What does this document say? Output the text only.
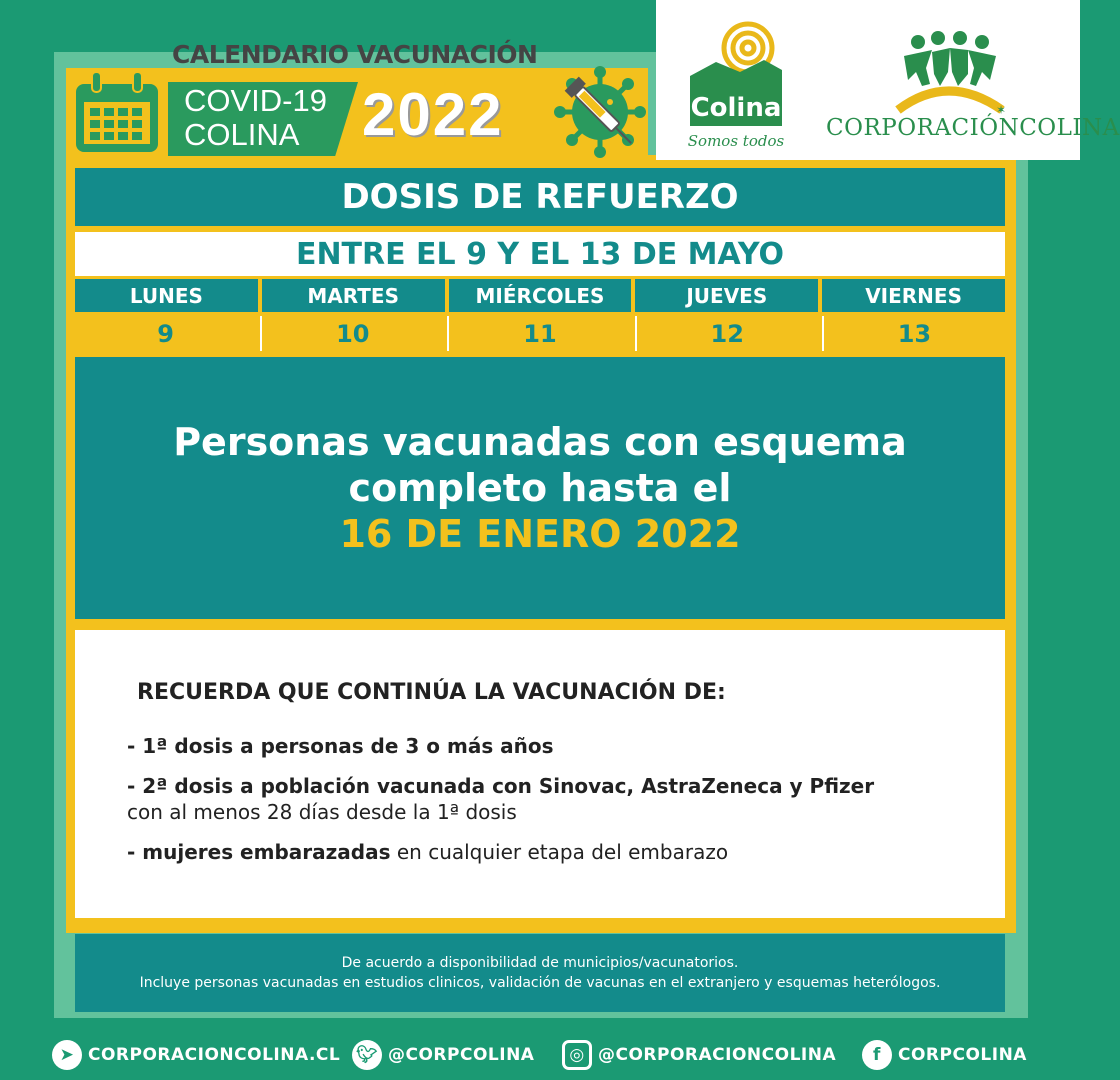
CALENDARIO VACUNACIÓN
COVID-19
COLINA	2022	Colina
Somos todos
✶
CORPORACIÓNCOLINA
DOSIS DE REFUERZO
ENTRE EL 9 Y EL 13 DE MAYO
LUNES	MARTES	MIÉRCOLES	JUEVES	VIERNES
9	10	11	12	13
Personas vacunadas con esquema
completo hasta el
16 DE ENERO 2022
RECUERDA QUE CONTINÚA LA VACUNACIÓN DE:
- 1ª dosis a personas de 3 o más años
- 2ª dosis a población vacunada con Sinovac, AstraZeneca y Pfizer
con al menos 28 días desde la 1ª dosis
- mujeres embarazadas en cualquier etapa del embarazo
De acuerdo a disponibilidad de municipios/vacunatorios.
Incluye personas vacunadas en estudios clinicos, validación de vacunas en el extranjero y esquemas heterólogos.
➤ CORPORACIONCOLINA.CL 🐦︎ @CORPCOLINA	◎ @CORPORACIONCOLINA	f	CORPCOLINA
